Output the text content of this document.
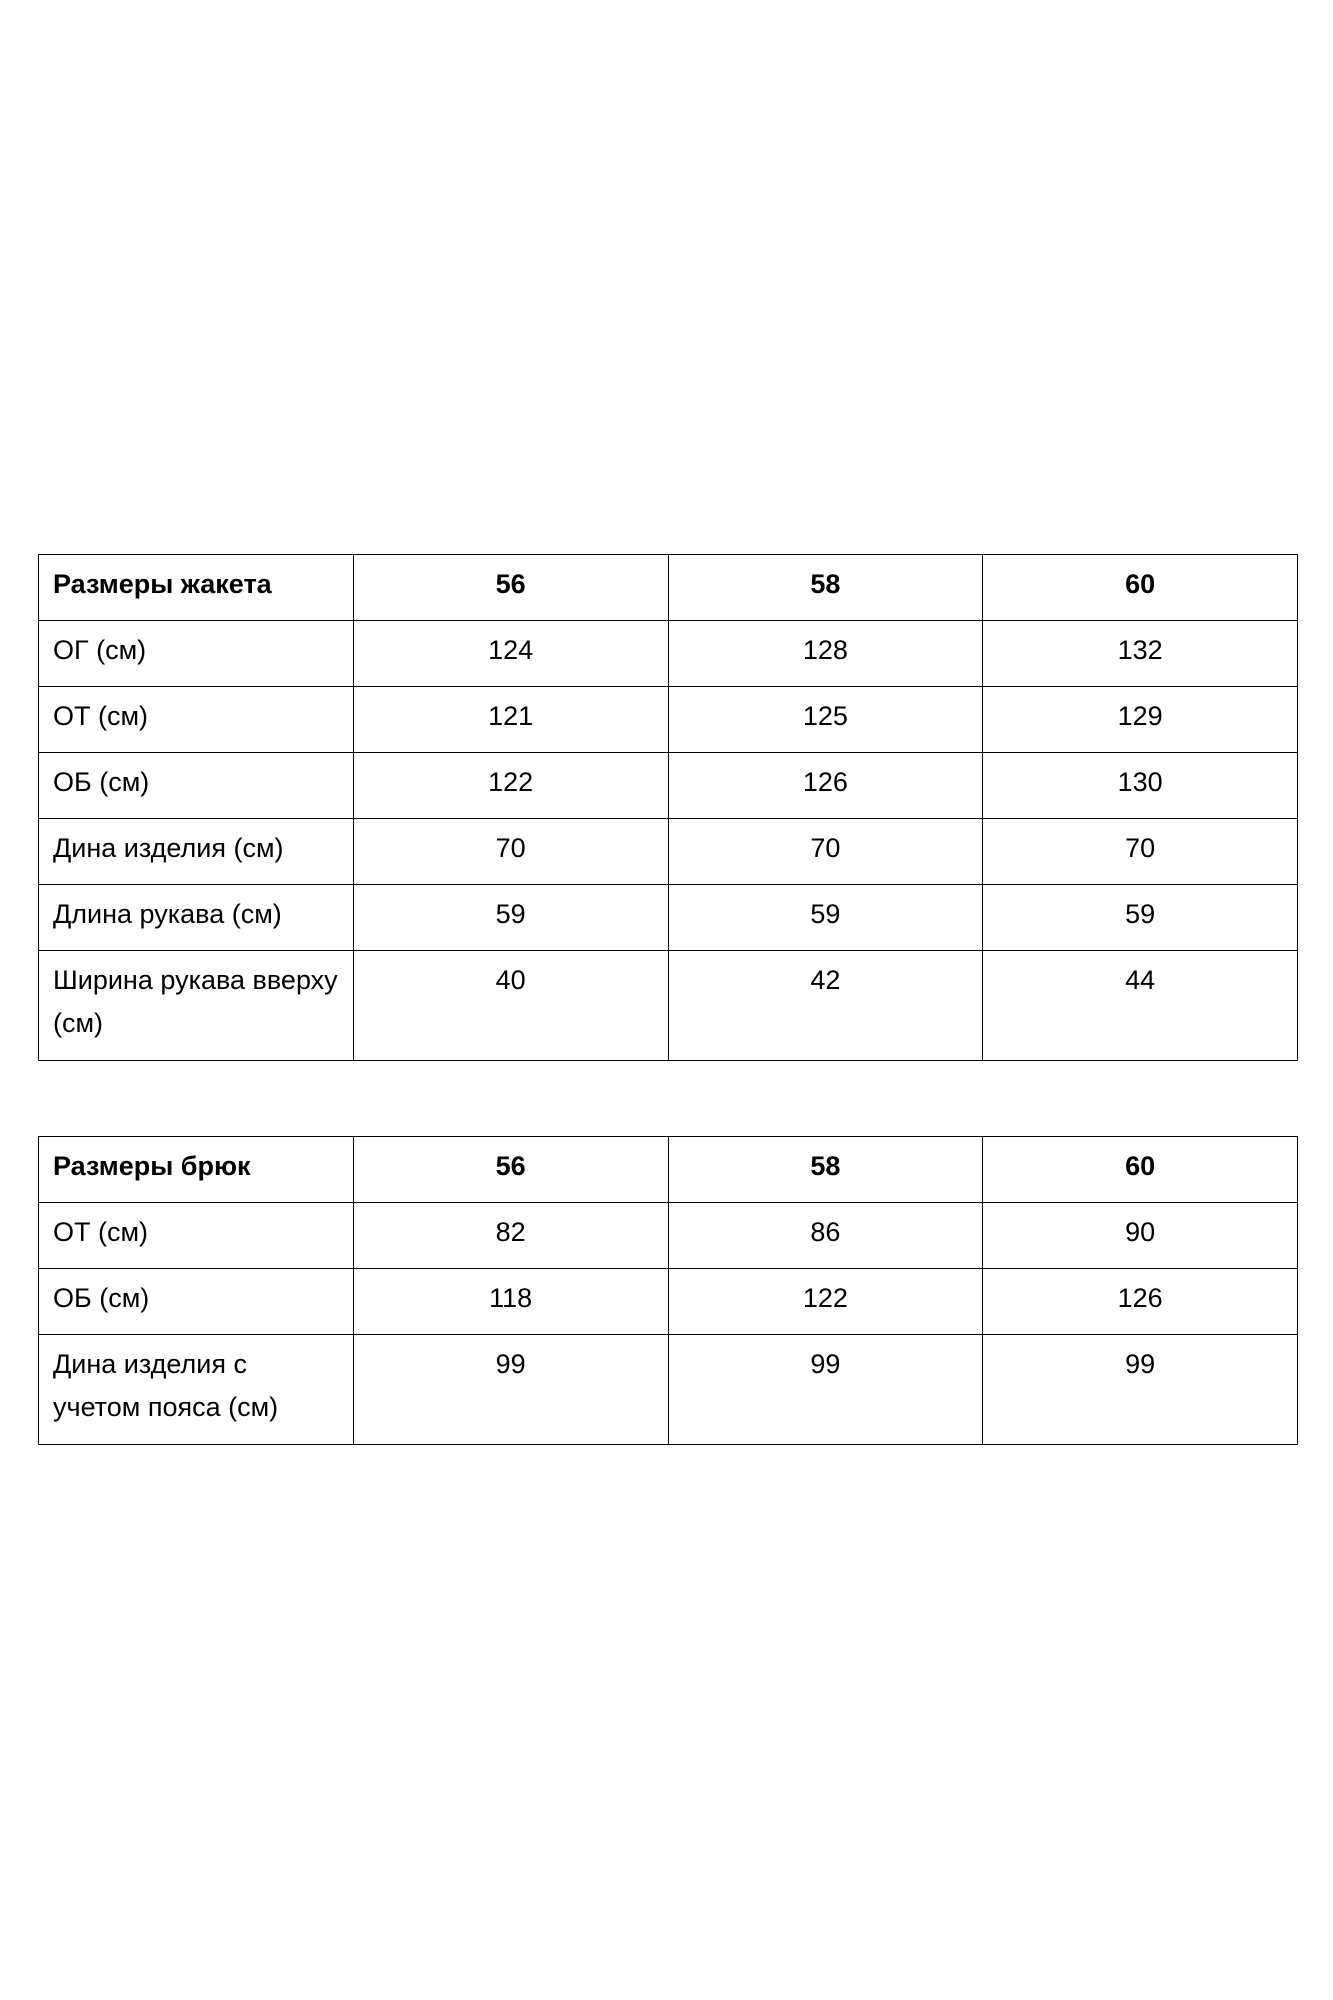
Размеры жакета	56	58	60
ОГ (см)	124	128	132
ОТ (см)	121	125	129
ОБ (см)	122	126	130
Дина изделия (см)	70	70	70
Длина рукава (см)	59	59	59
Ширина рукава вверху (см)	40	42	44
Размеры брюк	56	58	60
ОТ (см)	82	86	90
ОБ (см)	118	122	126
Дина изделия с учетом пояса (см)	99	99	99
